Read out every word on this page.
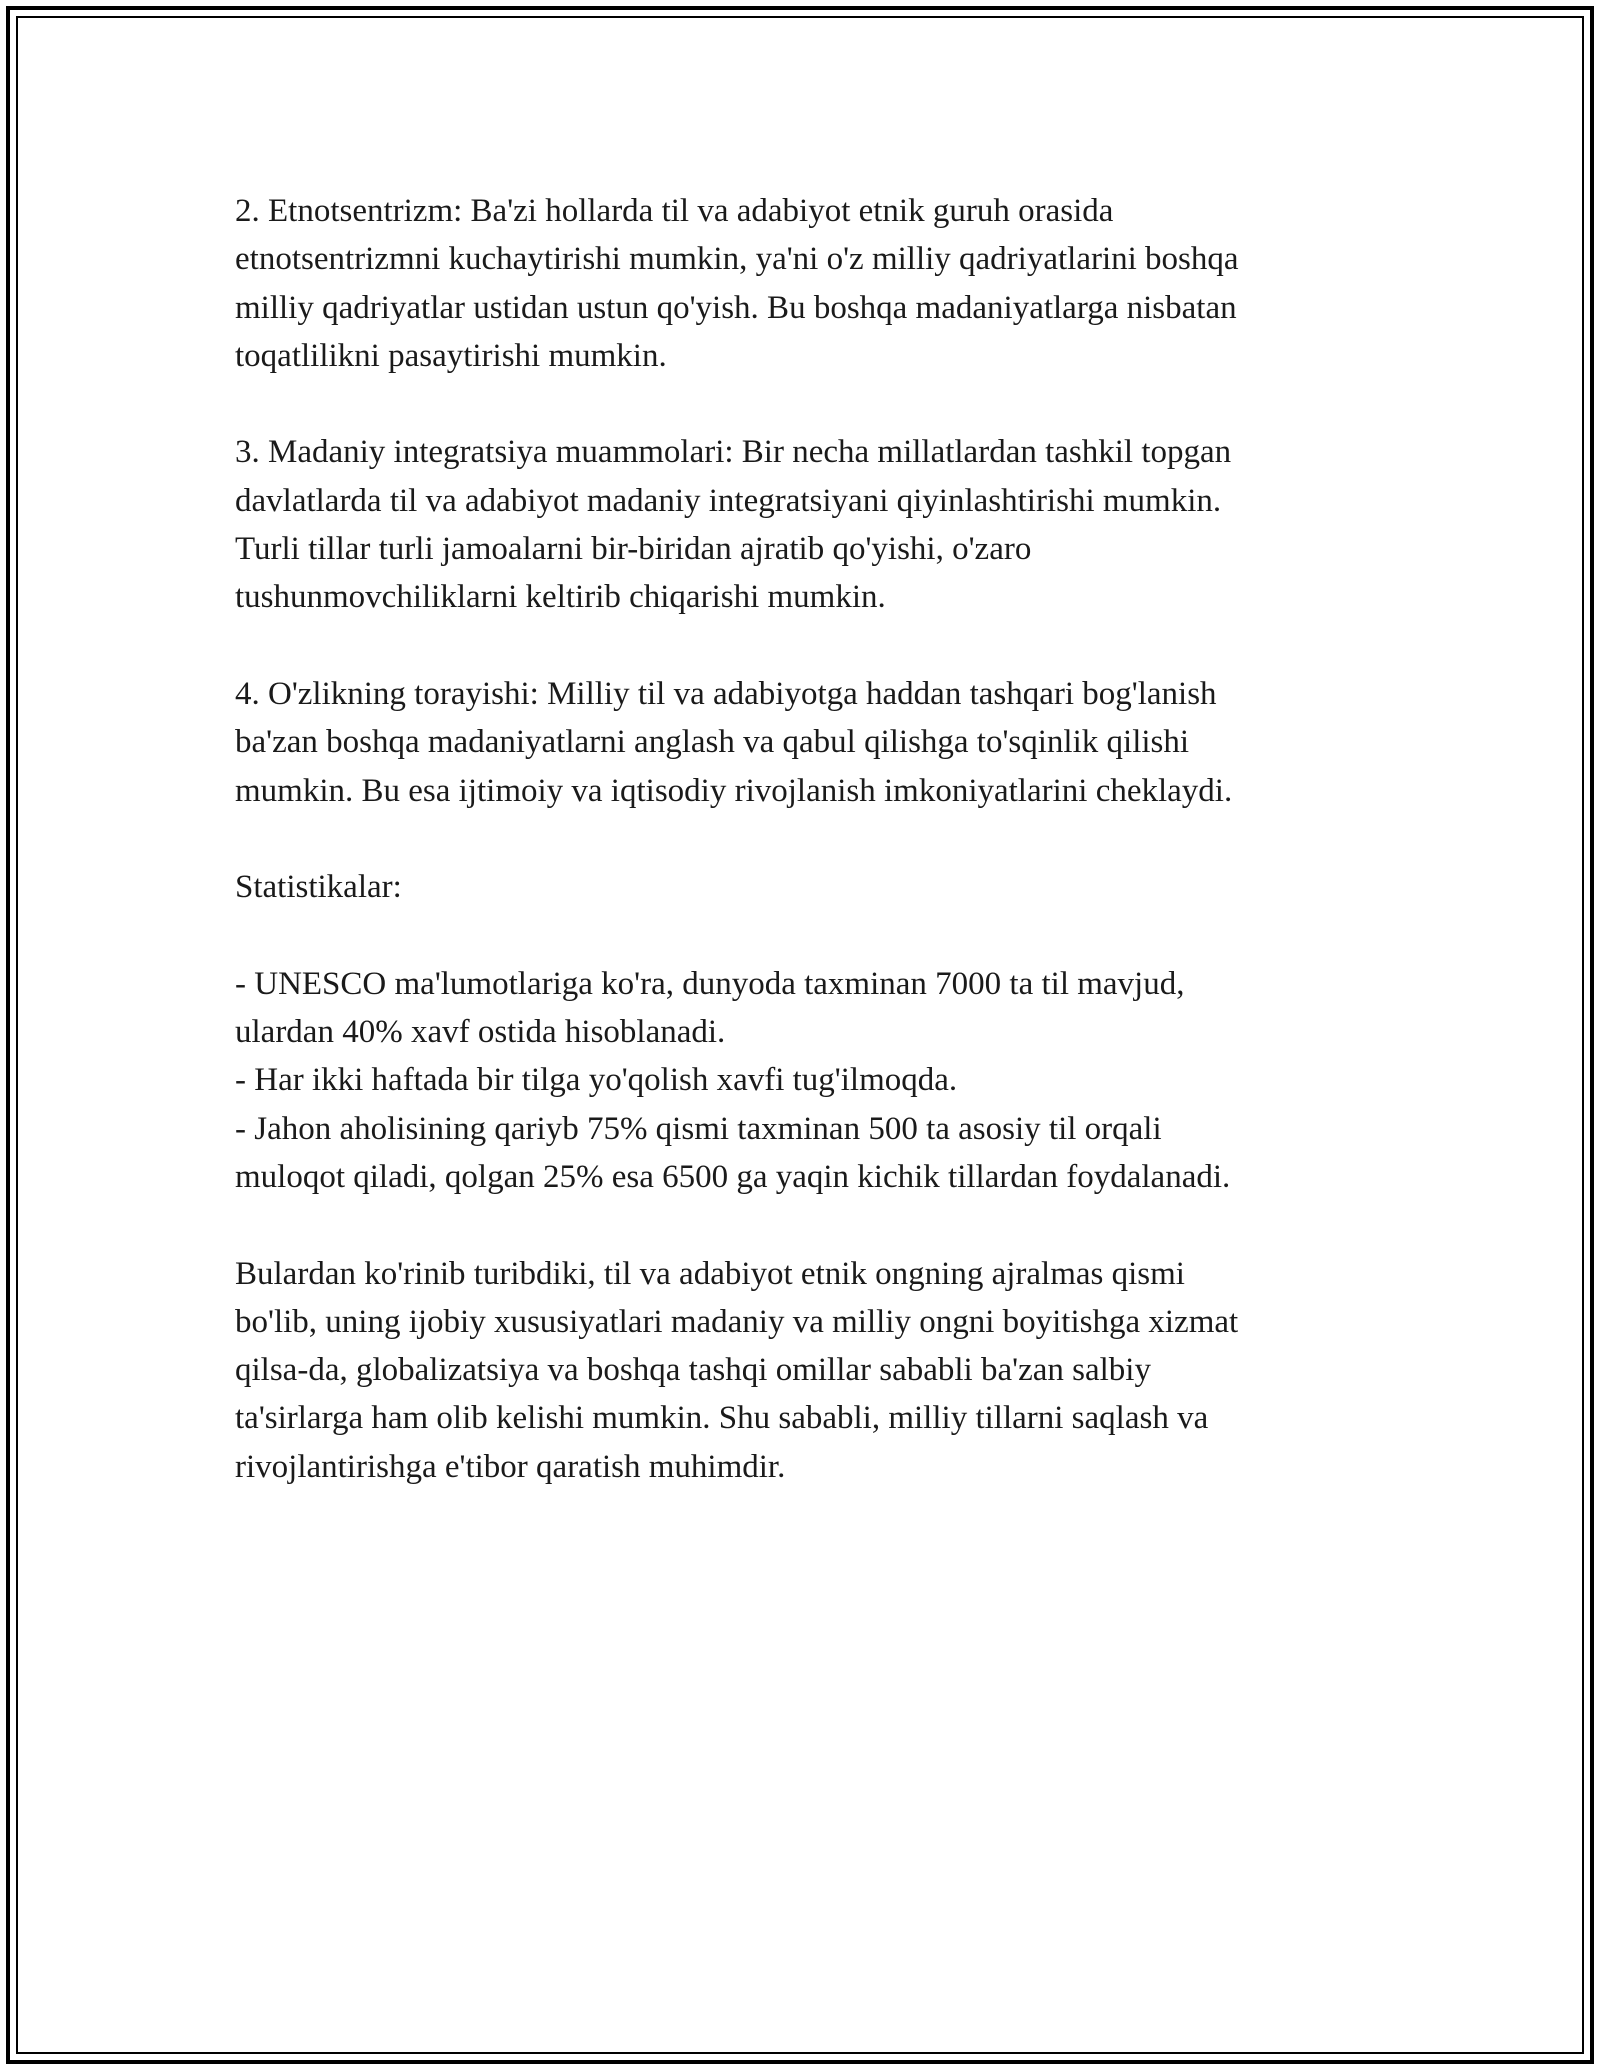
2. Etnotsentrizm: Ba'zi hollarda til va adabiyot etnik guruh orasida
etnotsentrizmni kuchaytirishi mumkin, ya'ni o'z milliy qadriyatlarini boshqa
milliy qadriyatlar ustidan ustun qo'yish. Bu boshqa madaniyatlarga nisbatan
toqatlilikni pasaytirishi mumkin.

3. Madaniy integratsiya muammolari: Bir necha millatlardan tashkil topgan
davlatlarda til va adabiyot madaniy integratsiyani qiyinlashtirishi mumkin.
Turli tillar turli jamoalarni bir-biridan ajratib qo'yishi, o'zaro
tushunmovchiliklarni keltirib chiqarishi mumkin.

4. O'zlikning torayishi: Milliy til va adabiyotga haddan tashqari bog'lanish
ba'zan boshqa madaniyatlarni anglash va qabul qilishga to'sqinlik qilishi
mumkin. Bu esa ijtimoiy va iqtisodiy rivojlanish imkoniyatlarini cheklaydi.

Statistikalar:

- UNESCO ma'lumotlariga ko'ra, dunyoda taxminan 7000 ta til mavjud,
ulardan 40% xavf ostida hisoblanadi.
- Har ikki haftada bir tilga yo'qolish xavfi tug'ilmoqda.
- Jahon aholisining qariyb 75% qismi taxminan 500 ta asosiy til orqali
muloqot qiladi, qolgan 25% esa 6500 ga yaqin kichik tillardan foydalanadi.

Bulardan ko'rinib turibdiki, til va adabiyot etnik ongning ajralmas qismi
bo'lib, uning ijobiy xususiyatlari madaniy va milliy ongni boyitishga xizmat
qilsa-da, globalizatsiya va boshqa tashqi omillar sababli ba'zan salbiy
ta'sirlarga ham olib kelishi mumkin. Shu sababli, milliy tillarni saqlash va
rivojlantirishga e'tibor qaratish muhimdir.
